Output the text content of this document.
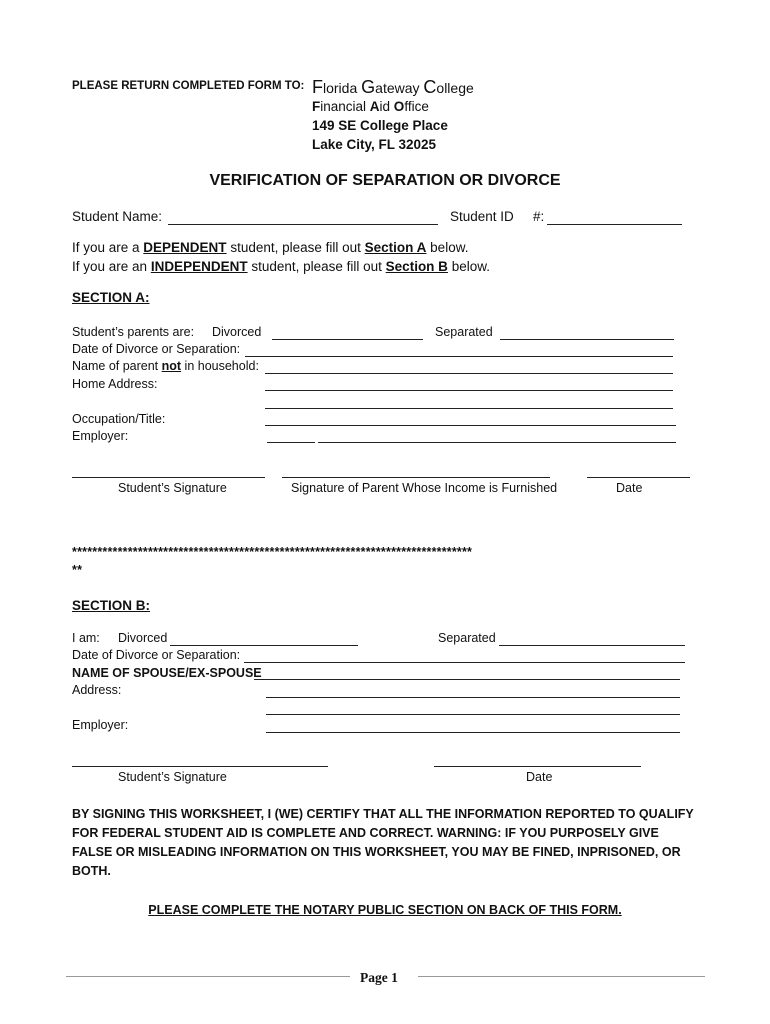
PLEASE RETURN COMPLETED FORM TO: Florida Gateway College
Financial Aid Office
149 SE College Place
Lake City, FL 32025
VERIFICATION OF SEPARATION OR DIVORCE
Student Name:	Student ID #:
If you are a DEPENDENT student, please fill out Section A below.
If you are an INDEPENDENT student, please fill out Section B below.
SECTION A:
Student’s parents are: Divorced	Separated
Date of Divorce or Separation:
Name of parent not in household:
Home Address:
Occupation/Title:
Employer:
Student’s Signature	Signature of Parent Whose Income is Furnished	Date
*******************************************************************************
**
SECTION B:
I am: Divorced	Separated
Date of Divorce or Separation:
NAME OF SPOUSE/EX-SPOUSE
Address:
Employer:
Student’s Signature	Date
BY SIGNING THIS WORKSHEET, I (WE) CERTIFY THAT ALL THE INFORMATION REPORTED TO QUALIFY
FOR FEDERAL STUDENT AID IS COMPLETE AND CORRECT. WARNING: IF YOU PURPOSELY GIVE
FALSE OR MISLEADING INFORMATION ON THIS WORKSHEET, YOU MAY BE FINED, INPRISONED, OR
BOTH.
PLEASE COMPLETE THE NOTARY PUBLIC SECTION ON BACK OF THIS FORM.
Page 1
